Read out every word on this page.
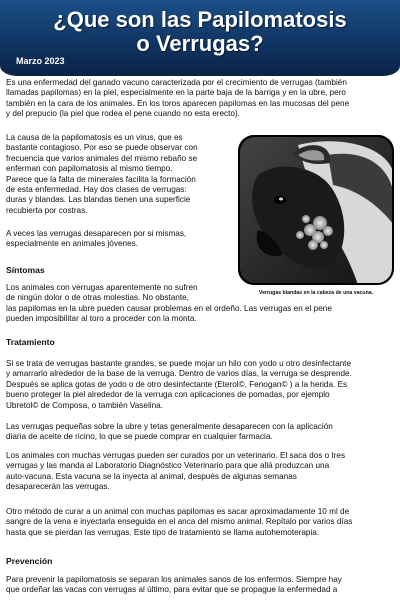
¿Que son las Papilomatosis
o Verrugas?
Marzo 2023
Es una enfermedad del ganado vacuno caracterizada por el crecimiento de verrugas (también
llamadas papilomas) en la piel, especialmente en la parte baja de la barriga y en la ubre, pero
también en la cara de los animales. En los toros aparecen papilomas en las mucosas del pene
y del prepucio (la piel que rodea el pene cuando no esta erecto).
La causa de la papilomatosis es un virus, que es
bastante contagioso. Por eso se puede observar con
frecuencia que varios animales del mismo rebaño se
enferman con papilomatosis al mismo tiempo.
Parece que la falta de minerales facilita la formación
de esta enfermedad. Hay dos clases de verrugas:
duras y blandas. Las blandas tienen una superficie
recubierta por costras.
A veces las verrugas desaparecen por si mismas,
especialmente en animales jóvenes.
Verrugas blandas en la cabeza de una vacuna.
Síntomas
Los animales con verrugas aparentemente no sufren
de ningún dolor o de otras molestias. No obstante,
las papilomas en la ubre pueden causar problemas en el ordeño. Las verrugas en el pene
pueden imposibilitar al toro a proceder con la monta.
Tratamiento
Si se trata de verrugas bastante grandes, se puede mojar un hilo con yodo u otro desinfectante
y amarrarlo alrededor de la base de la verruga. Dentro de varios días, la verruga se desprende.
Después se aplica gotas de yodo o de otro desinfectante (Eterol©, Fenogan© ) a la herida. Es
bueno proteger la piel alrededor de la verruga con aplicaciones de pomadas, por ejemplo
Ubretol© de Composa, o también Vaselina.
Las verrugas pequeñas sobre la ubre y tetas generalmente desaparecen con la aplicación
diaria de aceite de ricino, lo que se puede comprar en cualquier farmacia.
Los animales con muchas verrugas pueden ser curados por un veterinario. El saca dos o tres
verrugas y las manda al Laboratorio Diagnóstico Veterinario para que allá produzcan una
auto-vacuna. Esta vacuna se la inyecta al animal, después de algunas semanas
desaparecerán las verrugas.
Otro método de curar a un animal con muchas papilomas es sacar aproximadamente 10 ml de
sangre de la vena e inyectarla enseguida en el anca del mismo animal. Repítalo por varios días
hasta que se pierdan las verrugas. Este tipo de tratamiento se llama autohemoterapia.
Prevención
Para prevenir la papilomatosis se separan los animales sanos de los enfermos. Siempre hay
que ordeñar las vacas con verrugas al último, para evitar que se propague la enfermedad a
